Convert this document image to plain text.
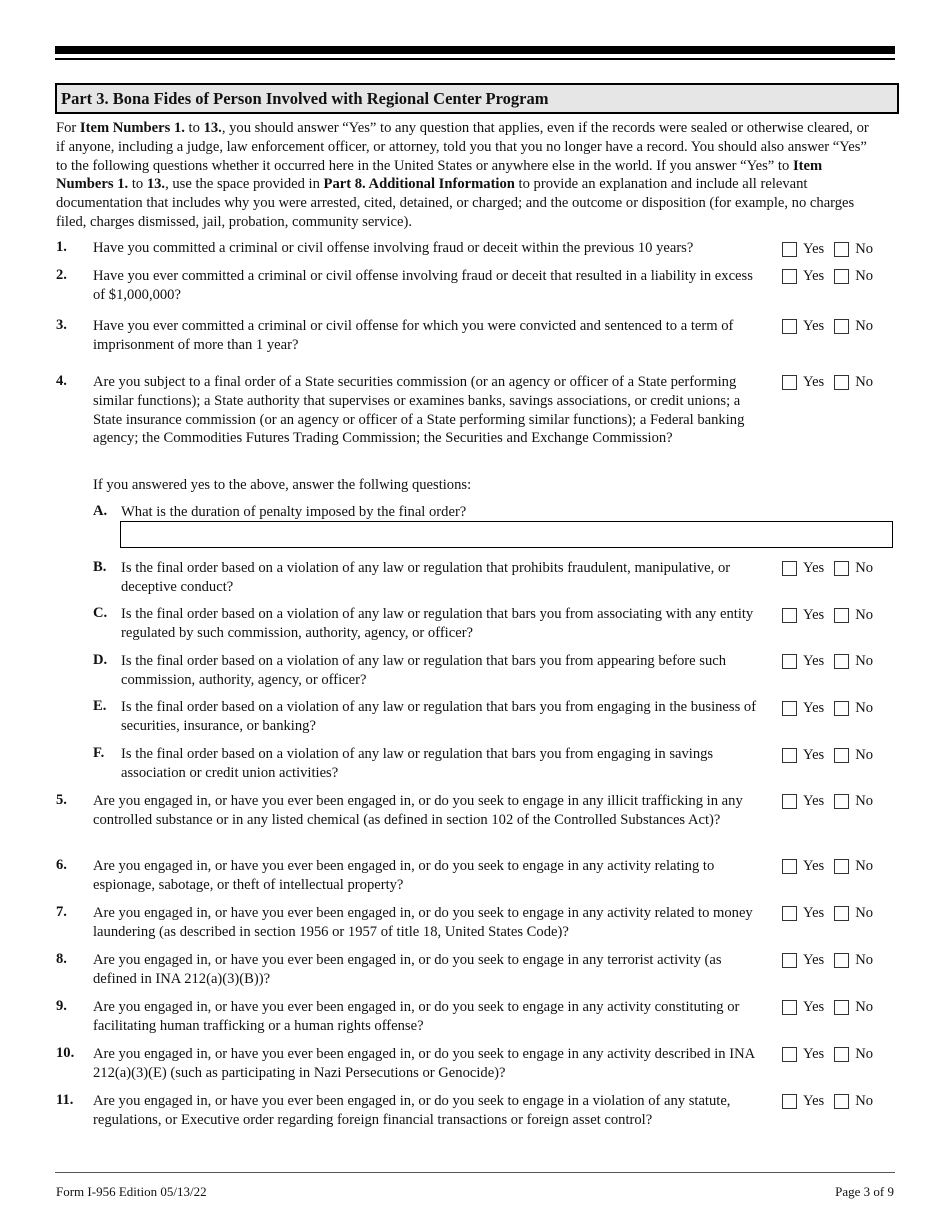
Part 3. Bona Fides of Person Involved with Regional Center Program
For Item Numbers 1. to 13., you should answer “Yes” to any question that applies, even if the records were sealed or otherwise cleared, or if anyone, including a judge, law enforcement officer, or attorney, told you that you no longer have a record. You should also answer “Yes” to the following questions whether it occurred here in the United States or anywhere else in the world. If you answer “Yes” to Item Numbers 1. to 13., use the space provided in Part 8. Additional Information to provide an explanation and include all relevant documentation that includes why you were arrested, cited, detained, or charged; and the outcome or disposition (for example, no charges filed, charges dismissed, jail, probation, community service).
1. Have you committed a criminal or civil offense involving fraud or deceit within the previous 10 years?	Yes No
2. Have you ever committed a criminal or civil offense involving fraud or deceit that resulted in a liability in excess of $1,000,000?
Yes No
3. Have you ever committed a criminal or civil offense for which you were convicted and sentenced to a term of imprisonment of more than 1 year?
Yes No
4. Are you subject to a final order of a State securities commission (or an agency or officer of a State performing similar functions); a State authority that supervises or examines banks, savings associations, or credit unions; a State insurance commission (or an agency or officer of a State performing similar functions); a Federal banking agency; the Commodities Futures Trading Commission; the Securities and Exchange Commission?
Yes No
If you answered yes to the above, answer the follwing questions:
A. What is the duration of penalty imposed by the final order?
B. Is the final order based on a violation of any law or regulation that prohibits fraudulent, manipulative, or deceptive conduct?
Yes No
C. Is the final order based on a violation of any law or regulation that bars you from associating with any entity regulated by such commission, authority, agency, or officer?
Yes No
D. Is the final order based on a violation of any law or regulation that bars you from appearing before such commission, authority, agency, or officer?
Yes No
E. Is the final order based on a violation of any law or regulation that bars you from engaging in the business of securities, insurance, or banking?
Yes No
F. Is the final order based on a violation of any law or regulation that bars you from engaging in savings association or credit union activities?
Yes No
5. Are you engaged in, or have you ever been engaged in, or do you seek to engage in any illicit trafficking in any controlled substance or in any listed chemical (as defined in section 102 of the Controlled Substances Act)?
Yes No
6. Are you engaged in, or have you ever been engaged in, or do you seek to engage in any activity relating to espionage, sabotage, or theft of intellectual property?
Yes No
7. Are you engaged in, or have you ever been engaged in, or do you seek to engage in any activity related to money laundering (as described in section 1956 or 1957 of title 18, United States Code)?
Yes No
8. Are you engaged in, or have you ever been engaged in, or do you seek to engage in any terrorist activity (as defined in INA 212(a)(3)(B))?
Yes No
9. Are you engaged in, or have you ever been engaged in, or do you seek to engage in any activity constituting or facilitating human trafficking or a human rights offense?
Yes No
10. Are you engaged in, or have you ever been engaged in, or do you seek to engage in any activity described in INA 212(a)(3)(E) (such as participating in Nazi Persecutions or Genocide)?
Yes No
11. Are you engaged in, or have you ever been engaged in, or do you seek to engage in a violation of any statute, regulations, or Executive order regarding foreign financial transactions or foreign asset control?
Yes No
Form I-956 Edition 05/13/22	Page 3 of 9
